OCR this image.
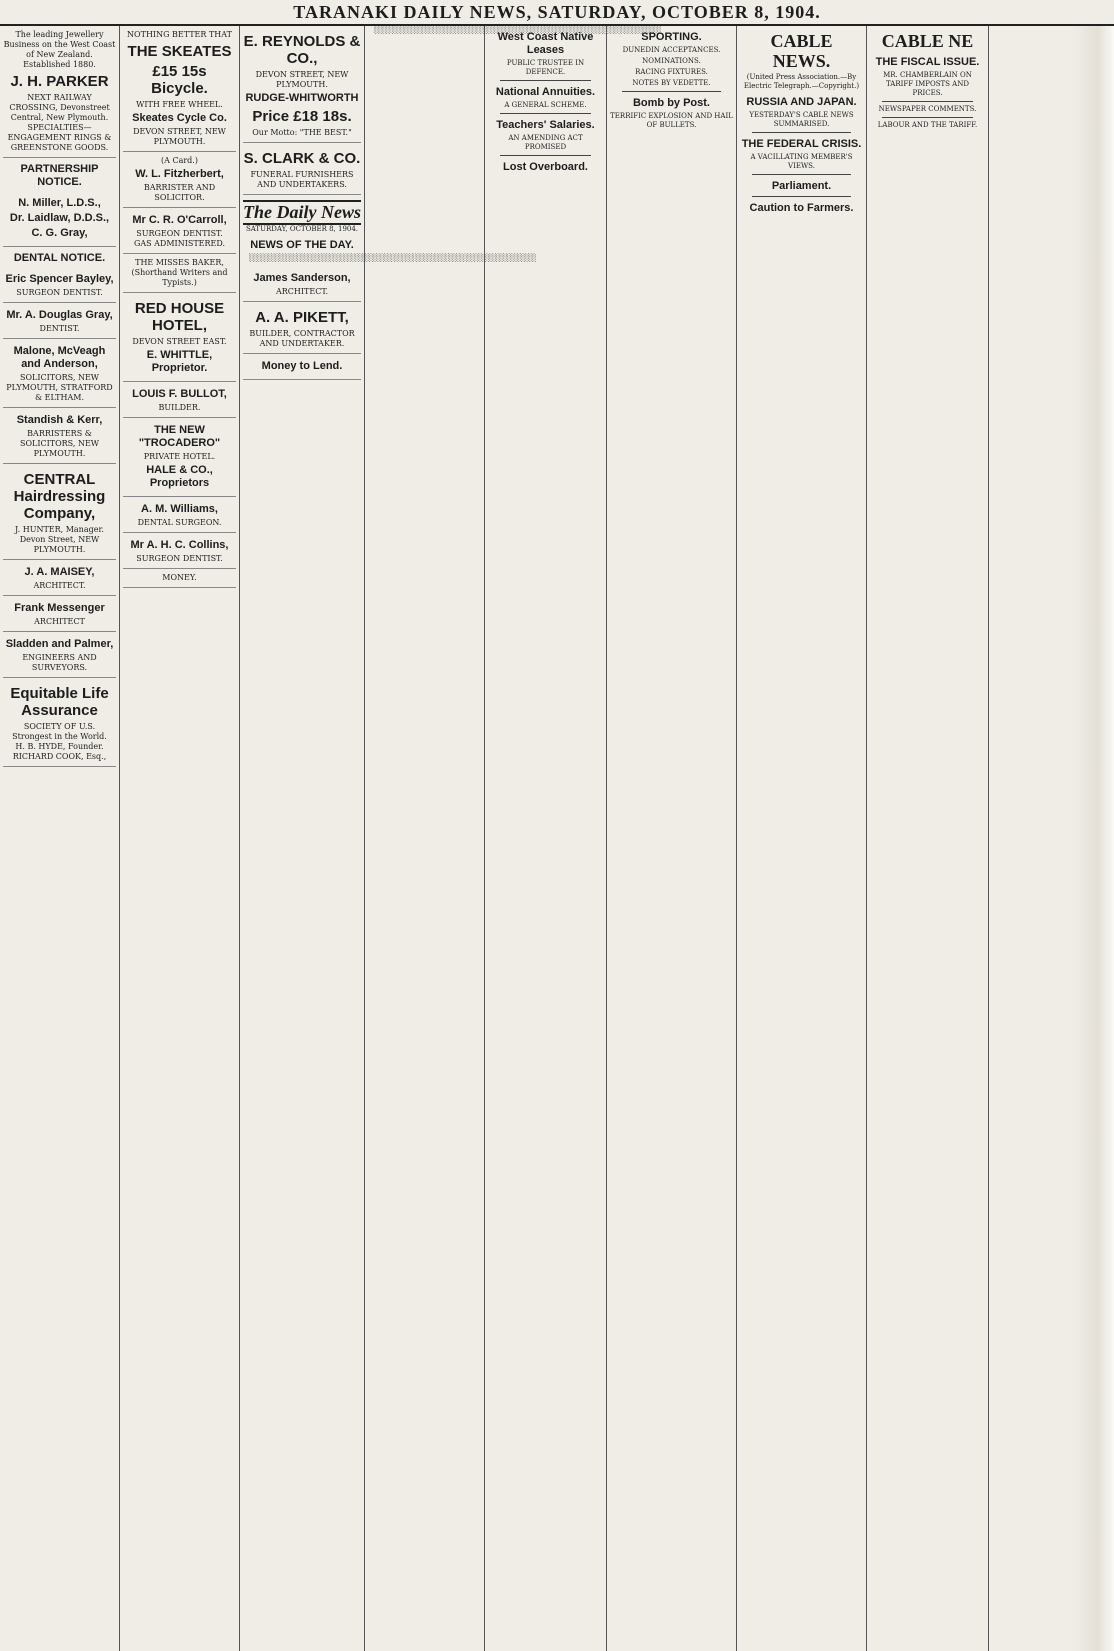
TARANAKI DAILY NEWS, SATURDAY, OCTOBER 8, 1904.
The leading Jewellery Business on the West Coast of New Zealand.
Established 1880.
J. H. PARKER
NEXT RAILWAY CROSSING, Devonstreet Central, New Plymouth.
SPECIALTIES— ENGAGEMENT RINGS & GREENSTONE GOODS.
PARTNERSHIP NOTICE.
N. Miller, L.D.S.,
Dr. Laidlaw, D.D.S.,
C. G. Gray,
DENTAL NOTICE.
Eric Spencer Bayley,
SURGEON DENTIST.
Mr. A. Douglas Gray,
DENTIST.
Malone, McVeagh and Anderson,
SOLICITORS, NEW PLYMOUTH, STRATFORD & ELTHAM.
Standish & Kerr,
BARRISTERS & SOLICITORS, NEW PLYMOUTH.
CENTRAL Hairdressing Company,
J. HUNTER, Manager. Devon Street, NEW PLYMOUTH.
J. A. MAISEY,
ARCHITECT.
Frank Messenger
ARCHITECT
Sladden and Palmer,
ENGINEERS AND SURVEYORS.
Equitable Life Assurance
SOCIETY OF U.S.
Strongest in the World.
H. B. HYDE, Founder.
RICHARD COOK, Esq.,
NOTHING BETTER THAT
THE SKEATES
£15 15s Bicycle.
WITH FREE WHEEL.
Skeates Cycle Co.
DEVON STREET, NEW PLYMOUTH.
(A Card.)
W. L. Fitzherbert,
BARRISTER AND SOLICITOR.
Mr C. R. O'Carroll,
SURGEON DENTIST.
GAS ADMINISTERED.
THE MISSES BAKER,
(Shorthand Writers and Typists.)
RED HOUSE HOTEL,
DEVON STREET EAST.
E. WHITTLE, Proprietor.
LOUIS F. BULLOT,
BUILDER.
THE NEW "TROCADERO"
PRIVATE HOTEL.
HALE & CO., Proprietors
A. M. Williams,
DENTAL SURGEON.
Mr A. H. C. Collins,
SURGEON DENTIST.
MONEY.
E. REYNOLDS & CO.,
DEVON STREET, NEW PLYMOUTH.
RUDGE-WHITWORTH
Price £18 18s.
Our Motto: "THE BEST."
S. CLARK & CO.
FUNERAL FURNISHERS AND UNDERTAKERS.
The Daily News
SATURDAY, OCTOBER 8, 1904.
NEWS OF THE DAY.

░░░░░░░░░░░░░░░░░░░░░░░░░░░░░░░░░░░░░░░░░░░░░░░░░░░░

James Sanderson,
ARCHITECT.
A. A. PIKETT,
BUILDER, CONTRACTOR AND UNDERTAKER.
Money to Lend.

░░░░░░░░░░░░░░░░░░░░░░░░░░░░░░░░░░░░░░░░░░░░░░░░░░░░

West Coast Native Leases
PUBLIC TRUSTEE IN DEFENCE.
National Annuities.
A GENERAL SCHEME.
Teachers' Salaries.
AN AMENDING ACT PROMISED
Lost Overboard.
SPORTING.
DUNEDIN ACCEPTANCES.
NOMINATIONS.
RACING FIXTURES.
NOTES BY VEDETTE.
Bomb by Post.
TERRIFIC EXPLOSION AND HAIL OF BULLETS.
CABLE NEWS.
(United Press Association.—By Electric Telegraph.—Copyright.)
RUSSIA AND JAPAN.
YESTERDAY'S CABLE NEWS SUMMARISED.
THE FEDERAL CRISIS.
A VACILLATING MEMBER'S VIEWS.
Parliament.
Caution to Farmers.
CABLE NE
THE FISCAL ISSUE.
MR. CHAMBERLAIN ON TARIFF IMPOSTS AND PRICES.
NEWSPAPER COMMENTS.
LABOUR AND THE TARIFF.
